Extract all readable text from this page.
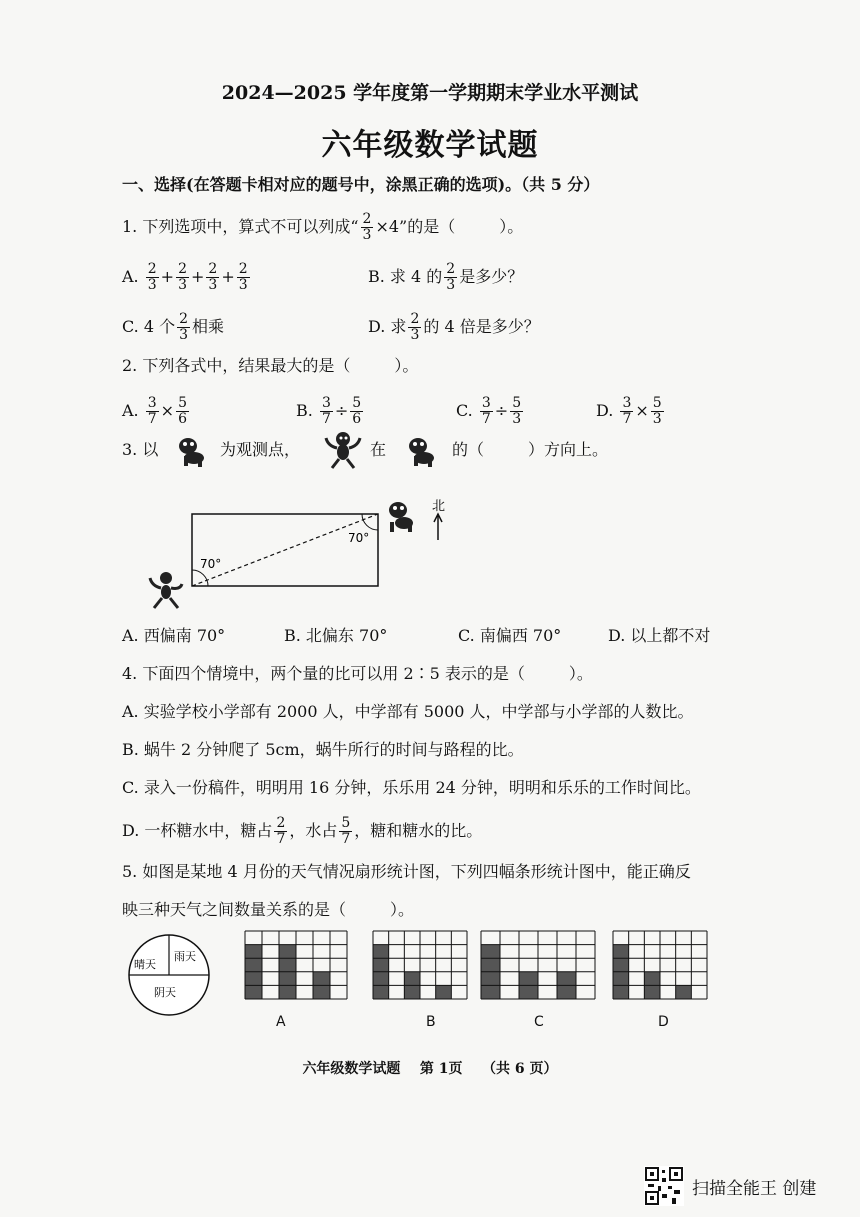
2024—2025 学年度第一学期期末学业水平测试
六年级数学试题
一、选择(在答题卡相对应的题号中，涂黑正确的选项)。（共 5 分）
1. 下列选项中，算式不可以列成“ $\frac{2}{3} \times 4$”的是（	）。
A. $\frac{2}{3} + \frac{2}{3} + \frac{2}{3} + \frac{2}{3}$	B. 求 4 的 $\frac{2}{3}$ 是多少？
C. 4 个 $\frac{2}{3}$ 相乘	D. 求 $\frac{2}{3}$ 的 4 倍是多少？
2. 下列各式中，结果最大的是（	）。
A. $\frac{3}{7} \times \frac{5}{6}$	B. $\frac{3}{7} \div \frac{5}{6}$	C. $\frac{3}{7} \div \frac{5}{3}$	D. $\frac{3}{7} \times \frac{5}{3}$
3. 以	为观测点，	在	的（	）方向上。
70°
70°
北
A. 西偏南 70°	B. 北偏东 70°	C. 南偏西 70°	D. 以上都不对
4. 下面四个情境中，两个量的比可以用 2∶5 表示的是（	）。
A. 实验学校小学部有 2000 人，中学部有 5000 人，中学部与小学部的人数比。
B. 蜗牛 2 分钟爬了 5cm，蜗牛所行的时间与路程的比。
C. 录入一份稿件，明明用 16 分钟，乐乐用 24 分钟，明明和乐乐的工作时间比。
D. 一杯糖水中，糖占 $\frac{2}{7}$ ，水占 $\frac{5}{7}$ ，糖和糖水的比。
5. 如图是某地 4 月份的天气情况扇形统计图，下列四幅条形统计图中，能正确反
映三种天气之间数量关系的是（	）。
晴天
雨天
阴天
A	B	C	D
六年级数学试题    第 1页    （共 6 页）
扫描全能王 创建
